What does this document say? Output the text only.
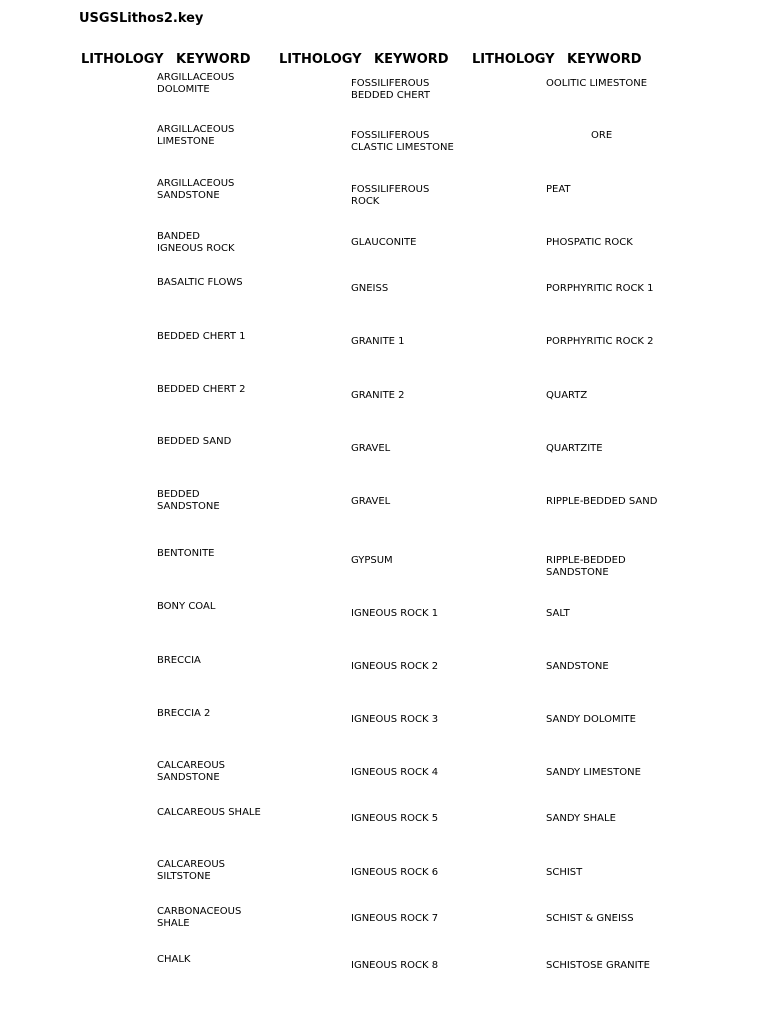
USGSLithos2.key
LITHOLOGY KEYWORD LITHOLOGY KEYWORD LITHOLOGY KEYWORD
ARGILLACEOUS
DOLOMITE
ARGILLACEOUS
LIMESTONE
ARGILLACEOUS
SANDSTONE
BANDED
IGNEOUS ROCK
BASALTIC FLOWS
BEDDED CHERT 1
BEDDED CHERT 2
BEDDED SAND
BEDDED
SANDSTONE
BENTONITE
BONY COAL
BRECCIA
BRECCIA 2
CALCAREOUS
SANDSTONE
CALCAREOUS SHALE
CALCAREOUS
SILTSTONE
CARBONACEOUS
SHALE
CHALK
FOSSILIFEROUS
BEDDED CHERT
FOSSILIFEROUS
CLASTIC LIMESTONE
FOSSILIFEROUS
ROCK
GLAUCONITE
GNEISS
GRANITE 1
GRANITE 2
GRAVEL
GRAVEL
GYPSUM
IGNEOUS ROCK 1
IGNEOUS ROCK 2
IGNEOUS ROCK 3
IGNEOUS ROCK 4
IGNEOUS ROCK 5
IGNEOUS ROCK 6
IGNEOUS ROCK 7
IGNEOUS ROCK 8
OOLITIC LIMESTONE
ORE
PEAT
PHOSPATIC ROCK
PORPHYRITIC ROCK 1
PORPHYRITIC ROCK 2
QUARTZ
QUARTZITE
RIPPLE-BEDDED SAND
RIPPLE-BEDDED
SANDSTONE
SALT
SANDSTONE
SANDY DOLOMITE
SANDY LIMESTONE
SANDY SHALE
SCHIST
SCHIST & GNEISS
SCHISTOSE GRANITE
